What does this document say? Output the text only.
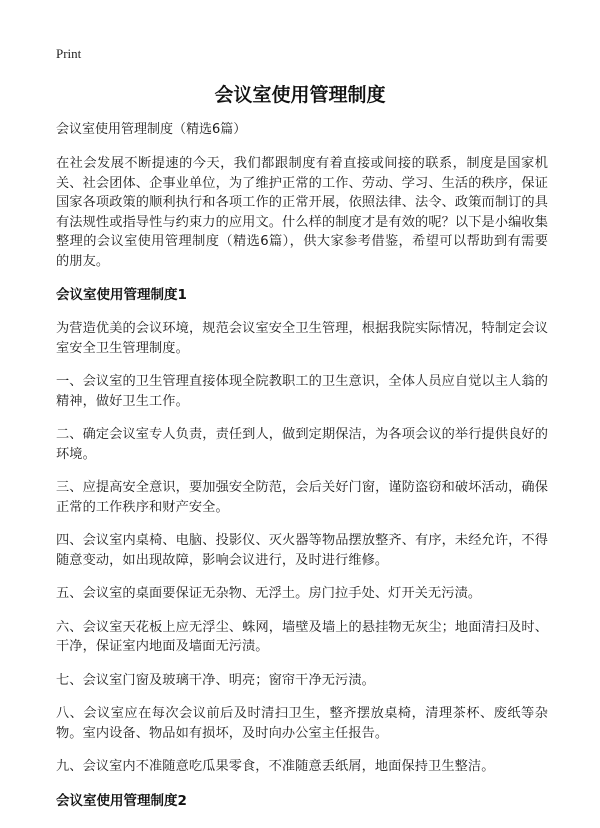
Print
会议室使用管理制度

会议室使用管理制度（精选6篇）

在社会发展不断提速的今天，我们都跟制度有着直接或间接的联系，制度是国家机关、社会团体、企事业单位，为了维护正常的工作、劳动、学习、生活的秩序，保证国家各项政策的顺利执行和各项工作的正常开展，依照法律、法令、政策而制订的具有法规性或指导性与约束力的应用文。什么样的制度才是有效的呢？以下是小编收集整理的会议室使用管理制度（精选6篇），供大家参考借鉴，希望可以帮助到有需要的朋友。

会议室使用管理制度1

为营造优美的会议环境，规范会议室安全卫生管理，根据我院实际情况，特制定会议室安全卫生管理制度。

一、会议室的卫生管理直接体现全院教职工的卫生意识，全体人员应自觉以主人翁的精神，做好卫生工作。

二、确定会议室专人负责，责任到人，做到定期保洁，为各项会议的举行提供良好的环境。

三、应提高安全意识，要加强安全防范，会后关好门窗，谨防盗窃和破坏活动，确保正常的工作秩序和财产安全。

四、会议室内桌椅、电脑、投影仪、灭火器等物品摆放整齐、有序，未经允许，不得随意变动，如出现故障，影响会议进行，及时进行维修。

五、会议室的桌面要保证无杂物、无浮土。房门拉手处、灯开关无污渍。

六、会议室天花板上应无浮尘、蛛网，墙壁及墙上的悬挂物无灰尘；地面清扫及时、干净，保证室内地面及墙面无污渍。

七、会议室门窗及玻璃干净、明亮；窗帘干净无污渍。

八、会议室应在每次会议前后及时清扫卫生，整齐摆放桌椅，清理茶杯、废纸等杂物。室内设备、物品如有损坏，及时向办公室主任报告。

九、会议室内不准随意吃瓜果零食，不准随意丢纸屑，地面保持卫生整洁。

会议室使用管理制度2
